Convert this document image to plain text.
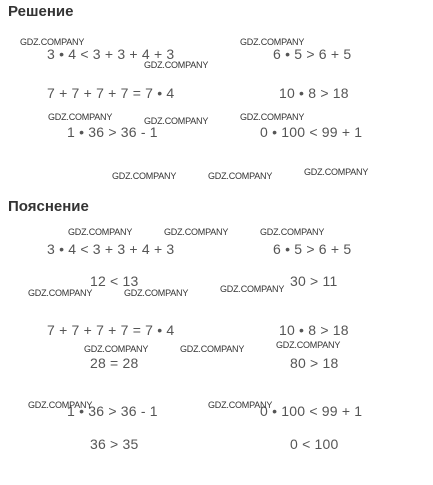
Решение
3 • 4 < 3 + 3 + 4 + 3	6 • 5 > 6 + 5
7 + 7 + 7 + 7 = 7 • 4	10 • 8 > 18
1 • 36 > 36 - 1	0 • 100 < 99 + 1
Пояснение
3 • 4 < 3 + 3 + 4 + 3	6 • 5 > 6 + 5
12 < 13	30 > 11
7 + 7 + 7 + 7 = 7 • 4	10 • 8 > 18
28 = 28	80 > 18
1 • 36 > 36 - 1	0 • 100 < 99 + 1
36 > 35	0 < 100
GDZ.COMPANY	GDZ.COMPANY
GDZ.COMPANY
GDZ.COMPANY	GDZ.COMPANY	GDZ.COMPANY
GDZ.COMPANY	GDZ.COMPANY	GDZ.COMPANY
GDZ.COMPANY	GDZ.COMPANY	GDZ.COMPANY
GDZ.COMPANY	GDZ.COMPANY	GDZ.COMPANY
GDZ.COMPANY	GDZ.COMPANY	GDZ.COMPANY
GDZ.COMPANY	GDZ.COMPANY
